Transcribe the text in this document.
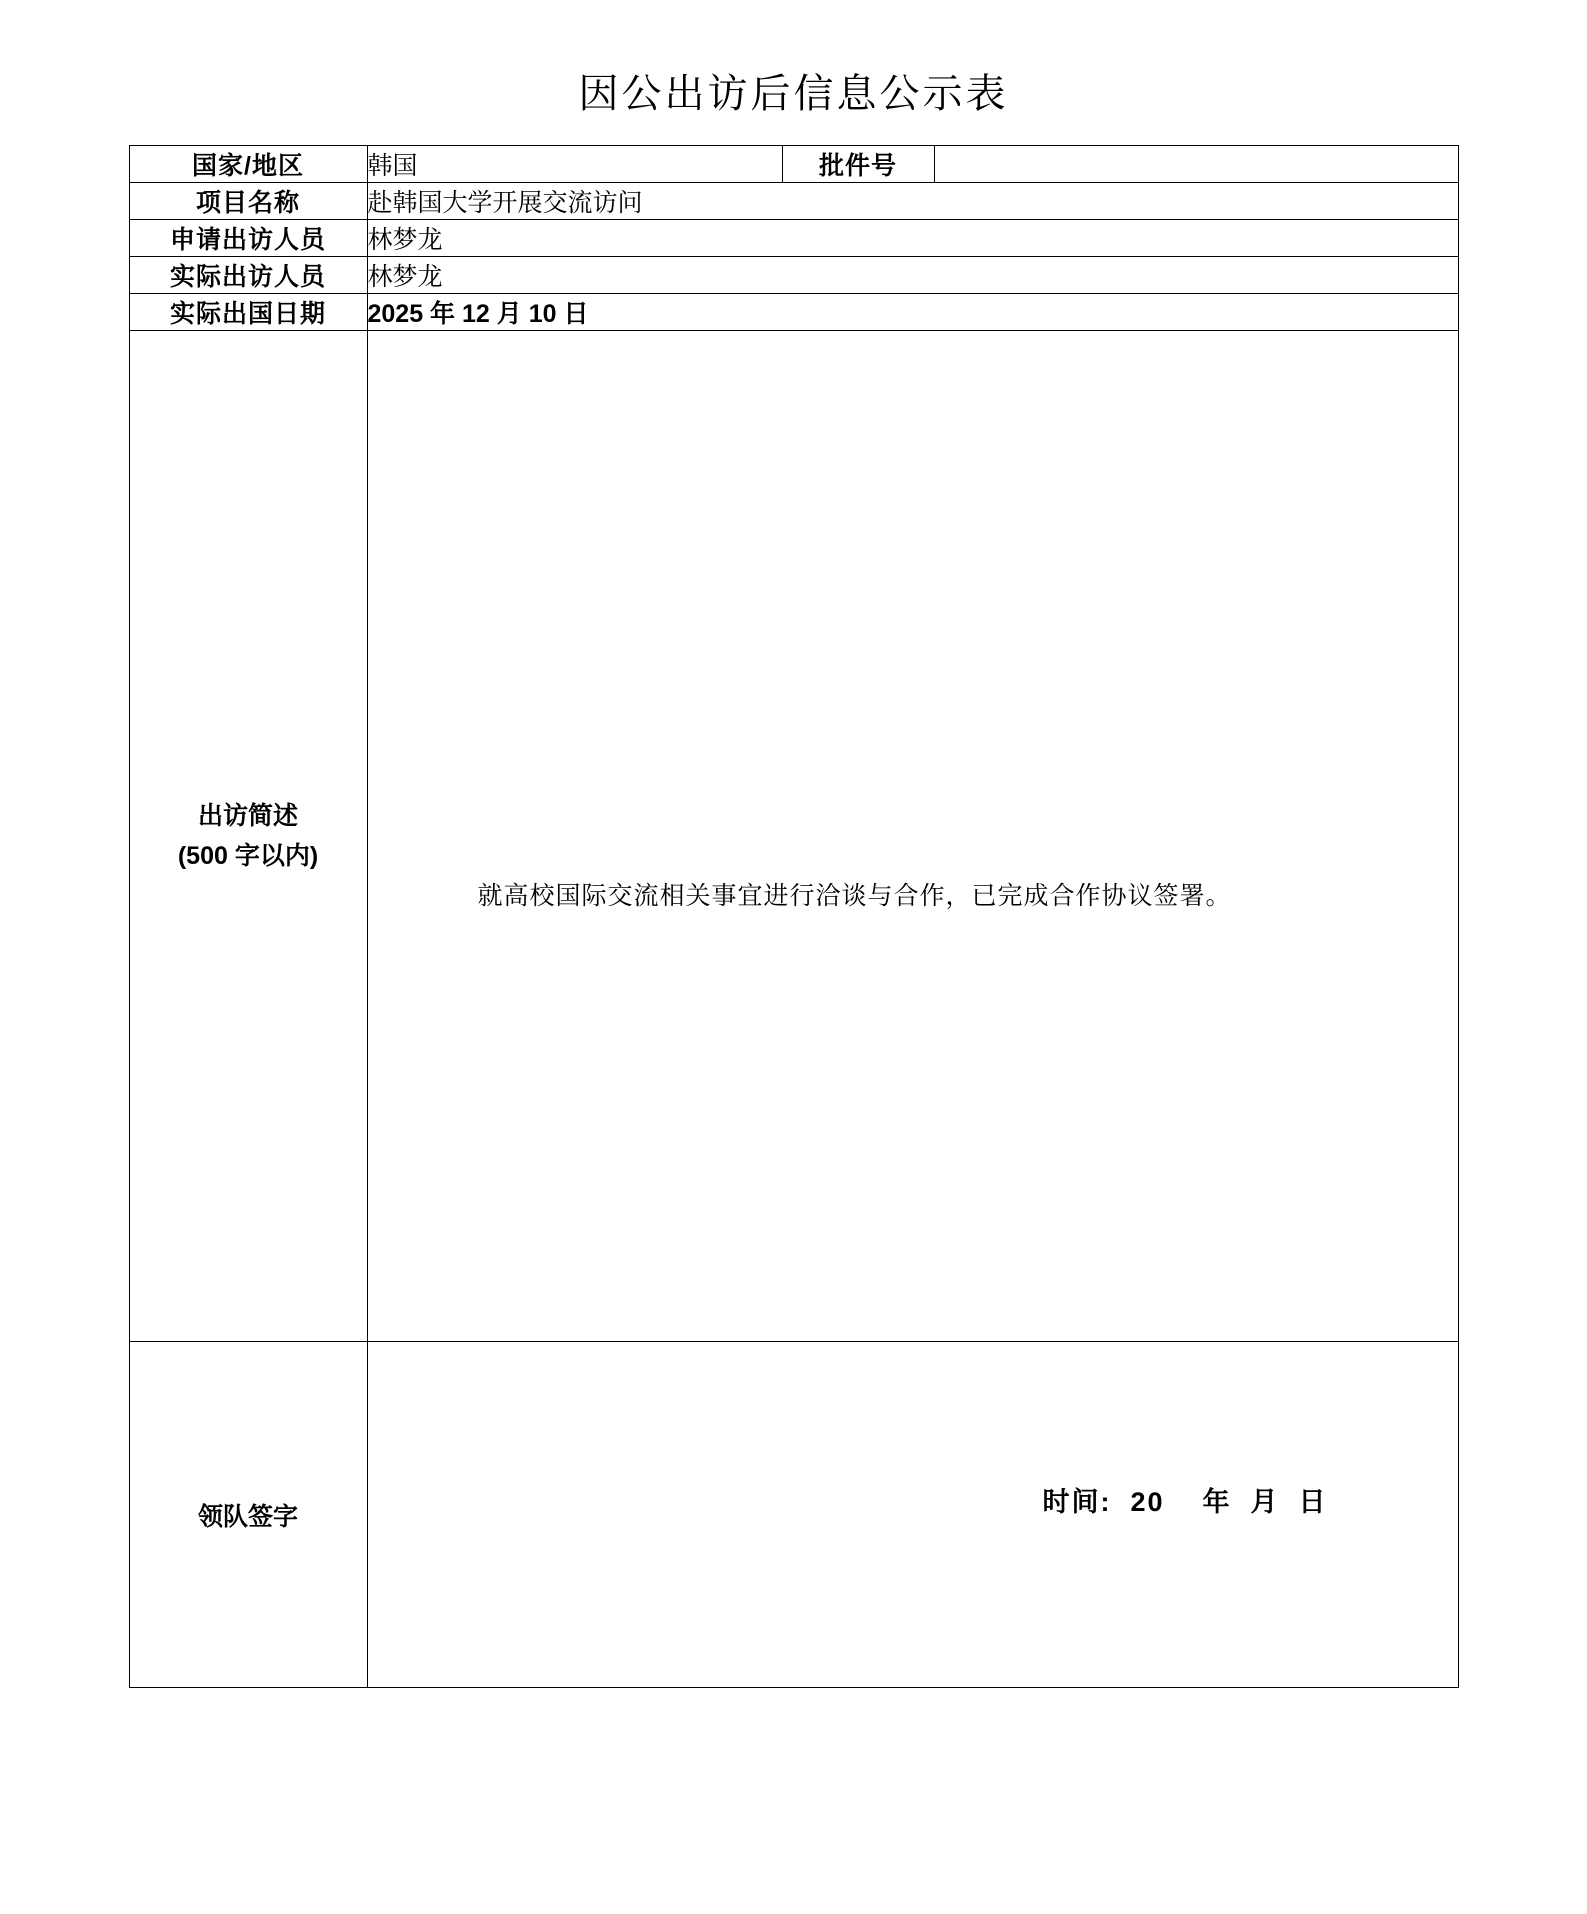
因公出访后信息公示表
国家/地区	韩国	批件号	
项目名称	赴韩国大学开展交流访问		
申请出访人员	林梦龙		
实际出访人员	林梦龙		
实际出国日期	2025 年 12 月 10 日		

出访简述
(500 字以内)	就高校国际交流相关事宜进行洽谈与合作，已完成合作协议签署。		

领队签字	时间:  20    年  月  日		
